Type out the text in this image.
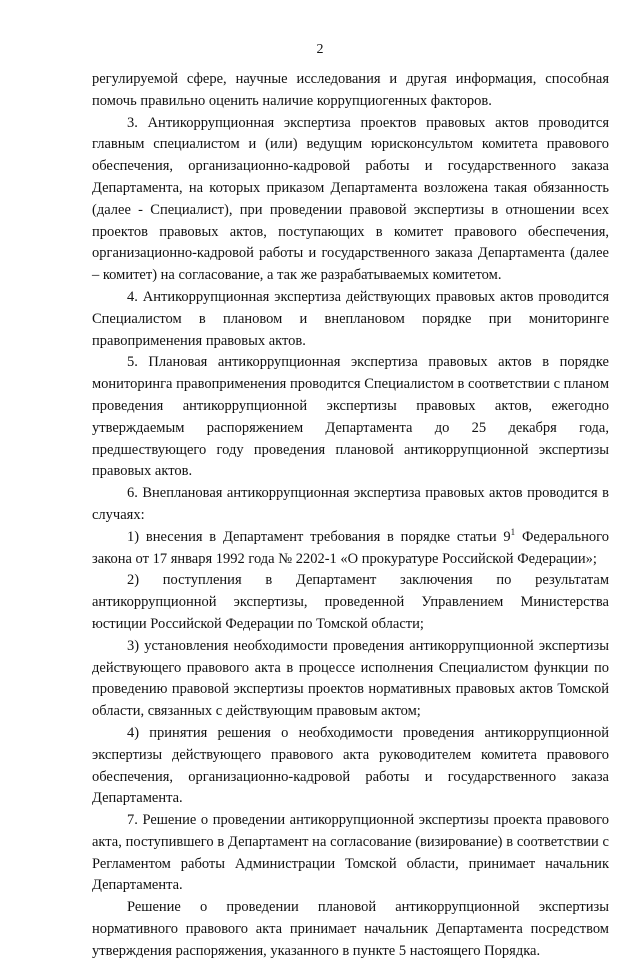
2

регулируемой сфере, научные исследования и другая информация, способная помочь правильно оценить наличие коррупциогенных факторов.

3. Антикоррупционная экспертиза проектов правовых актов проводится главным специалистом и (или) ведущим юрисконсультом комитета правового обеспечения, организационно-кадровой работы и государственного заказа Департамента, на которых приказом Департамента возложена такая обязанность (далее - Специалист), при проведении правовой экспертизы в отношении всех проектов правовых актов, поступающих в комитет правового обеспечения, организационно-кадровой работы и государственного заказа Департамента (далее – комитет) на согласование, а так же разрабатываемых комитетом.

4. Антикоррупционная экспертиза действующих правовых актов проводится Специалистом в плановом и внеплановом порядке при мониторинге правоприменения правовых актов.

5. Плановая антикоррупционная экспертиза правовых актов в порядке мониторинга правоприменения проводится Специалистом в соответствии с планом проведения антикоррупционной экспертизы правовых актов, ежегодно утверждаемым распоряжением Департамента до 25 декабря года, предшествующего году проведения плановой антикоррупционной экспертизы правовых актов.

6. Внеплановая антикоррупционная экспертиза правовых актов проводится в случаях:

1) внесения в Департамент требования в порядке статьи $9^1$ Федерального закона от 17 января 1992 года № 2202-1 «О прокуратуре Российской Федерации»;

2) поступления в Департамент заключения по результатам антикоррупционной экспертизы, проведенной Управлением Министерства юстиции Российской Федерации по Томской области;

3) установления необходимости проведения антикоррупционной экспертизы действующего правового акта в процессе исполнения Специалистом функции по проведению правовой экспертизы проектов нормативных правовых актов Томской области, связанных с действующим правовым актом;

4) принятия решения о необходимости проведения антикоррупционной экспертизы действующего правового акта руководителем комитета правового обеспечения, организационно-кадровой работы и государственного заказа Департамента.

7. Решение о проведении антикоррупционной экспертизы проекта правового акта, поступившего в Департамент на согласование (визирование) в соответствии с Регламентом работы Администрации Томской области, принимает начальник Департамента.

Решение о проведении плановой антикоррупционной экспертизы нормативного правового акта принимает начальник Департамента посредством утверждения распоряжения, указанного в пункте 5 настоящего Порядка.
